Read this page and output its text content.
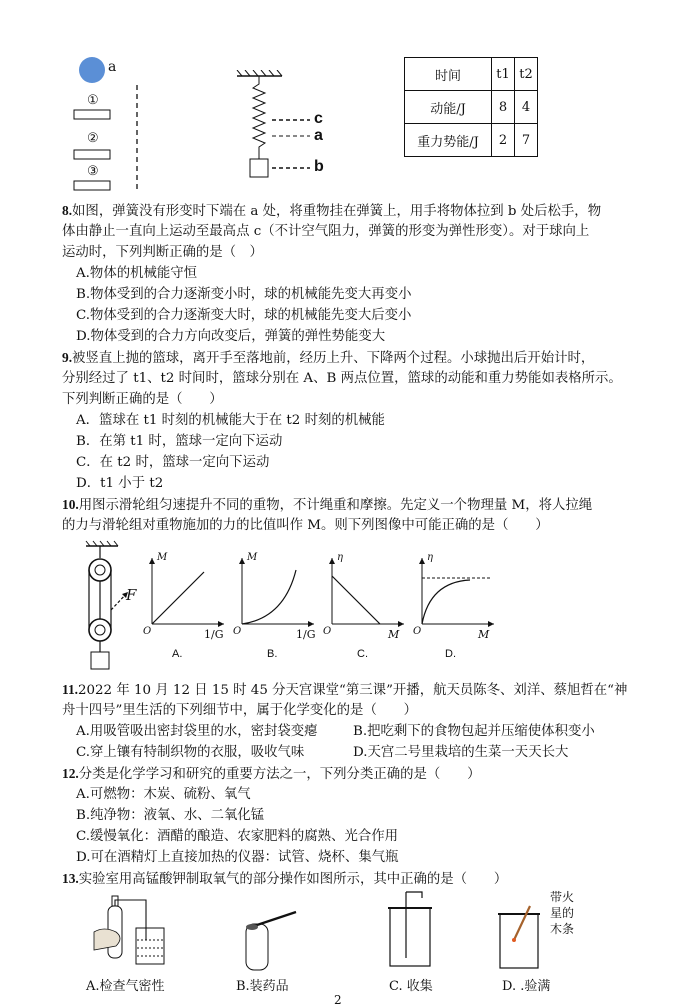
a
①
②
③
c
a
b
时间	t1	t2
动能/J	8	4
重力势能/J	2	7
8.如图，弹簧没有形变时下端在 a 处，将重物挂在弹簧上，用手将物体拉到 b 处后松手，物
体由静止一直向上运动至最高点 c（不计空气阻力，弹簧的形变为弹性形变）。对于球向上
运动时，下列判断正确的是（　）
A.物体的机械能守恒
B.物体受到的合力逐渐变小时，球的机械能先变大再变小
C.物体受到的合力逐渐变大时，球的机械能先变大后变小
D.物体受到的合力方向改变后，弹簧的弹性势能变大
9.被竖直上抛的篮球，离开手至落地前，经历上升、下降两个过程。小球抛出后开始计时，
分别经过了 t1、t2 时间时，篮球分别在 A、B 两点位置，篮球的动能和重力势能如表格所示。
下列判断正确的是（　　）
A．篮球在 t1 时刻的机械能大于在 t2 时刻的机械能
B．在第 t1 时，篮球一定向下运动
C．在 t2 时，篮球一定向下运动
D．t1 小于 t2
10.用图示滑轮组匀速提升不同的重物，不计绳重和摩擦。先定义一个物理量 M，将人拉绳
的力与滑轮组对重物施加的力的比值叫作 M。则下列图像中可能正确的是（　　）
F
M
O	1/G
A.
M
O	1/G
B.
η
O	M
C.
η
O	M
D.
11.2022 年 10 月 12 日 15 时 45 分天宫课堂“第三课”开播，航天员陈冬、刘洋、蔡旭哲在“神
舟十四号”里生活的下列细节中，属于化学变化的是（　　）
A.用吸管吸出密封袋里的水，密封袋变瘪	B.把吃剩下的食物包起并压缩使体积变小
C.穿上镶有特制织物的衣服，吸收气味	D.天宫二号里栽培的生菜一天天长大
12.分类是化学学习和研究的重要方法之一，下列分类正确的是（　　）
A.可燃物：木炭、硫粉、氧气
B.纯净物：液氧、水、二氧化锰
C.缓慢氧化：酒醋的酿造、农家肥料的腐熟、光合作用
D.可在酒精灯上直接加热的仪器：试管、烧杯、集气瓶
13.实验室用高锰酸钾制取氧气的部分操作如图所示，其中正确的是（　　）
带火
星的
木条
A.检查气密性	B.装药品	C. 收集	D. .验满
2
